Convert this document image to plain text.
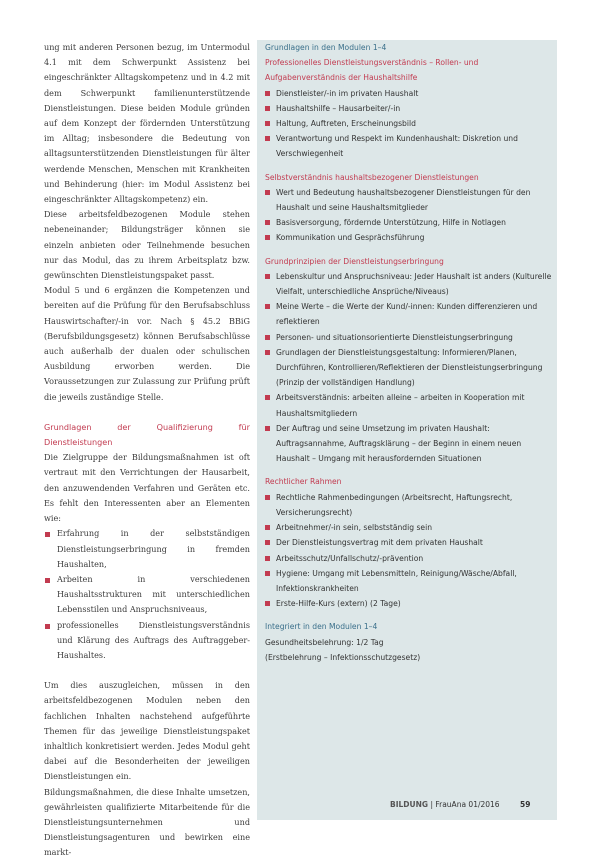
ung mit anderen Personen bezug, im Untermodul 4.1 mit dem Schwerpunkt Assistenz bei eingeschränkter Alltagskompetenz und in 4.2 mit dem Schwerpunkt familienunterstützende Dienstleistungen. Diese beiden Module gründen auf dem Konzept der fördernden Unterstützung im Alltag; insbesondere die Bedeutung von alltagsunterstützenden Dienstleistungen für älter werdende Menschen, Menschen mit Krankheiten und Behinderung (hier: im Modul Assistenz bei eingeschränkter Alltagskompetenz) ein.

Diese arbeitsfeldbezogenen Module stehen nebeneinander; Bildungsträger können sie einzeln anbieten oder Teilnehmende besuchen nur das Modul, das zu ihrem Arbeitsplatz bzw. gewünschten Dienstleistungspaket passt.

Modul 5 und 6 ergänzen die Kompetenzen und bereiten auf die Prüfung für den Berufsabschluss Hauswirtschafter/-in vor. Nach § 45.2 BBiG (Berufsbildungsgesetz) können Berufsabschlüsse auch außerhalb der dualen oder schulischen Ausbildung erworben werden. Die Voraussetzungen zur Zulassung zur Prüfung prüft die jeweils zuständige Stelle.

Grundlagen der Qualifizierung für Dienstleistungen

Die Zielgruppe der Bildungsmaßnahmen ist oft vertraut mit den Verrichtungen der Hausarbeit, den anzuwendenden Verfahren und Geräten etc. Es fehlt den Interessenten aber an Elementen wie:

Erfahrung in der selbstständigen Dienstleistungserbringung in fremden Haushalten,
Arbeiten in verschiedenen Haushaltsstrukturen mit unterschiedlichen Lebensstilen und Anspruchsniveaus,
professionelles Dienstleistungsverständnis und Klärung des Auftrags des Auftraggeber-Haushaltes.

Um dies auszugleichen, müssen in den arbeitsfeldbezogenen Modulen neben den fachlichen Inhalten nachstehend aufgeführte Themen für das jeweilige Dienstleistungspaket inhaltlich konkretisiert werden. Jedes Modul geht dabei auf die Besonderheiten der jeweiligen Dienstleistungen ein.

Bildungsmaßnahmen, die diese Inhalte umsetzen, gewährleisten qualifizierte Mitarbeitende für die Dienstleistungsunternehmen und Dienstleistungsagenturen und bewirken eine markt-

Grundlagen in den Modulen 1–4
Professionelles Dienstleistungsverständnis – Rollen- und Aufgabenverständnis der Haushaltshilfe
Dienstleister/-in im privaten Haushalt
Haushaltshilfe – Hausarbeiter/-in
Haltung, Auftreten, Erscheinungsbild
Verantwortung und Respekt im Kundenhaushalt: Diskretion und Verschwiegenheit
Selbstverständnis haushaltsbezogener Dienstleistungen
Wert und Bedeutung haushaltsbezogener Dienstleistungen für den Haushalt und seine Haushaltsmitglieder
Basisversorgung, fördernde Unterstützung, Hilfe in Notlagen
Kommunikation und Gesprächsführung
Grundprinzipien der Dienstleistungserbringung
Lebenskultur und Anspruchsniveau: Jeder Haushalt ist anders (Kulturelle Vielfalt, unterschiedliche Ansprüche/Niveaus)
Meine Werte – die Werte der Kund/-innen: Kunden differenzieren und reflektieren
Personen- und situationsorientierte Dienstleistungserbringung
Grundlagen der Dienstleistungsgestaltung: Informieren/Planen, Durchführen, Kontrollieren/Reflektieren der Dienstleistungserbringung (Prinzip der vollständigen Handlung)
Arbeitsverständnis: arbeiten alleine – arbeiten in Kooperation mit Haushaltsmitgliedern
Der Auftrag und seine Umsetzung im privaten Haushalt: Auftragsannahme, Auftragsklärung – der Beginn in einem neuen Haushalt – Umgang mit herausfordernden Situationen
Rechtlicher Rahmen
Rechtliche Rahmenbedingungen (Arbeitsrecht, Haftungsrecht, Versicherungsrecht)
Arbeitnehmer/-in sein, selbstständig sein
Der Dienstleistungsvertrag mit dem privaten Haushalt
Arbeitsschutz/Unfallschutz/-prävention
Hygiene: Umgang mit Lebensmitteln, Reinigung/Wäsche/Abfall, Infektionskrankheiten
Erste-Hilfe-Kurs (extern) (2 Tage)
Integriert in den Modulen 1–4

Gesundheitsbelehrung: 1/2 Tag

(Erstbelehrung – Infektionsschutzgesetz)

BILDUNG | FrauAna 01/2016	59
